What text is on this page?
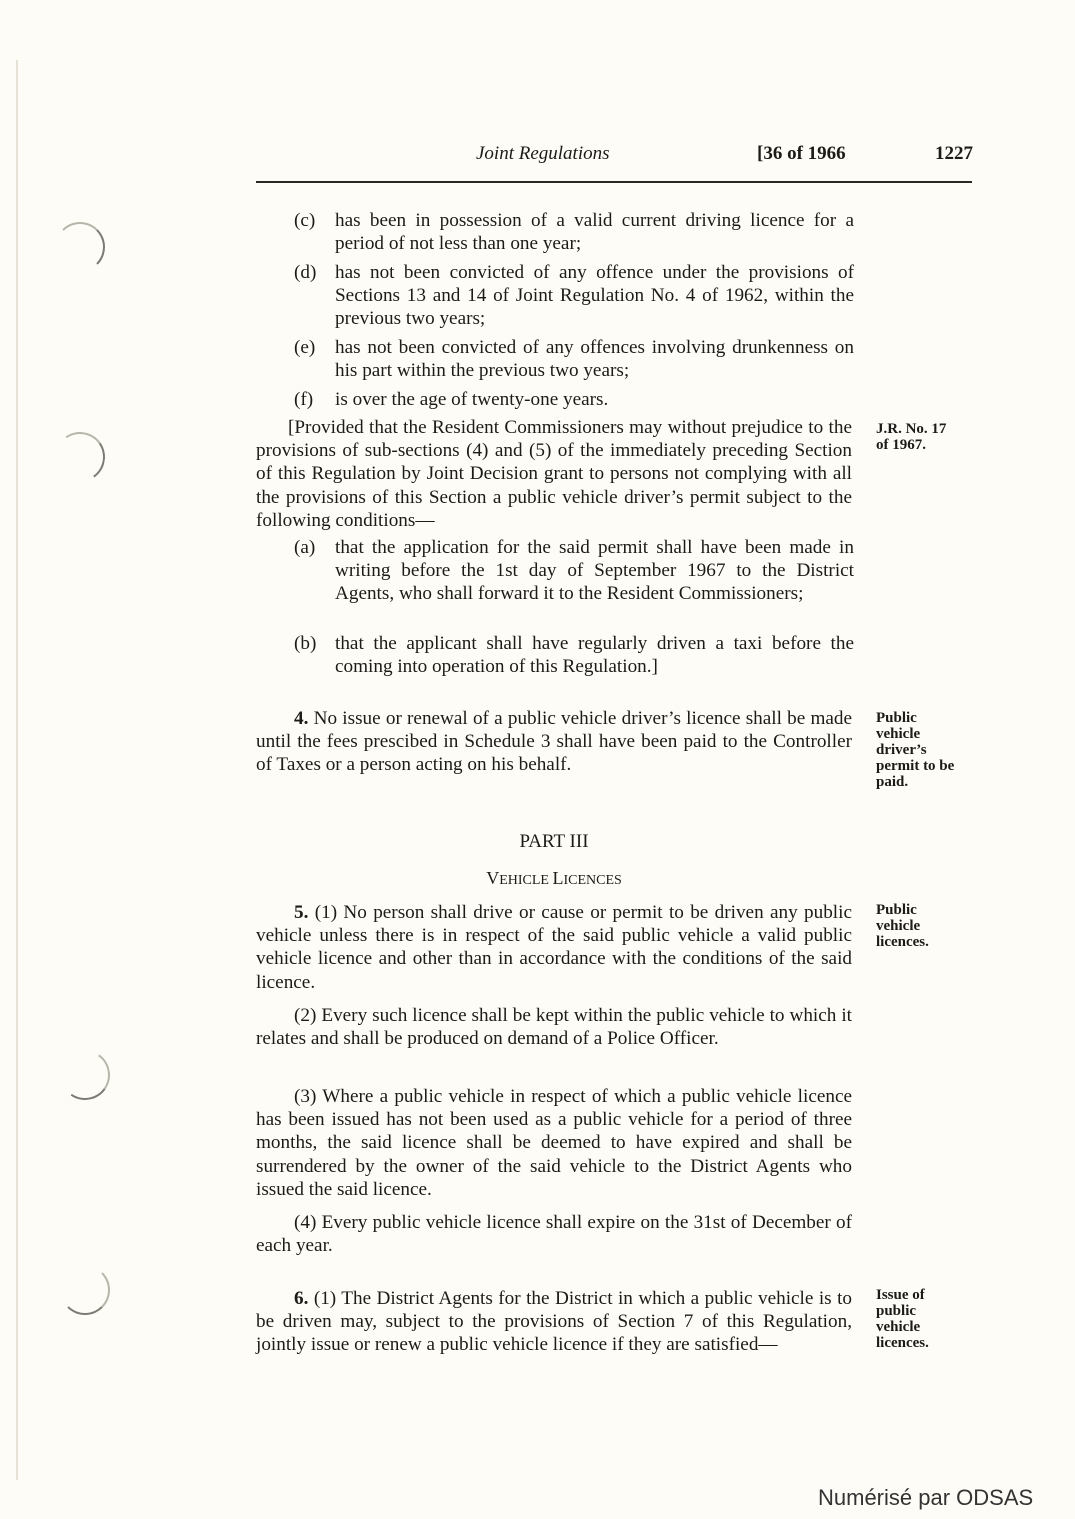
Joint Regulations	[36 of 1966	1227
(c) has been in possession of a valid current driving licence for a period of not less than one year;
(d) has not been convicted of any offence under the provisions of Sections 13 and 14 of Joint Regulation No. 4 of 1962, within the previous two years;
(e) has not been convicted of any offences involving drunkenness on his part within the previous two years;
(f) is over the age of twenty-one years.
[Provided that the Resident Commissioners may without prejudice to the provisions of sub-sections (4) and (5) of the immediately preceding Section of this Regulation by Joint Decision grant to persons not complying with all the provisions of this Section a public vehicle driver’s permit subject to the following conditions—
(a) that the application for the said permit shall have been made in writing before the 1st day of September 1967 to the District Agents, who shall forward it to the Resident Commissioners;
(b) that the applicant shall have regularly driven a taxi before the coming into operation of this Regulation.]
4. No issue or renewal of a public vehicle driver’s licence shall be made until the fees prescibed in Schedule 3 shall have been paid to the Controller of Taxes or a person acting on his behalf.
PART III
VEHICLE LICENCES
5. (1) No person shall drive or cause or permit to be driven any public vehicle unless there is in respect of the said public vehicle a valid public vehicle licence and other than in accordance with the conditions of the said licence.
(2) Every such licence shall be kept within the public vehicle to which it relates and shall be produced on demand of a Police Officer.
(3) Where a public vehicle in respect of which a public vehicle licence has been issued has not been used as a public vehicle for a period of three months, the said licence shall be deemed to have expired and shall be surrendered by the owner of the said vehicle to the District Agents who issued the said licence.
(4) Every public vehicle licence shall expire on the 31st of December of each year.
6. (1) The District Agents for the District in which a public vehicle is to be driven may, subject to the provisions of Section 7 of this Regulation, jointly issue or renew a public vehicle licence if they are satisfied—
J.R. No. 17
of 1967.
Public
vehicle
driver’s
permit to be
paid.
Public
vehicle
licences.
Issue of
public
vehicle
licences.
Numérisé par ODSAS
